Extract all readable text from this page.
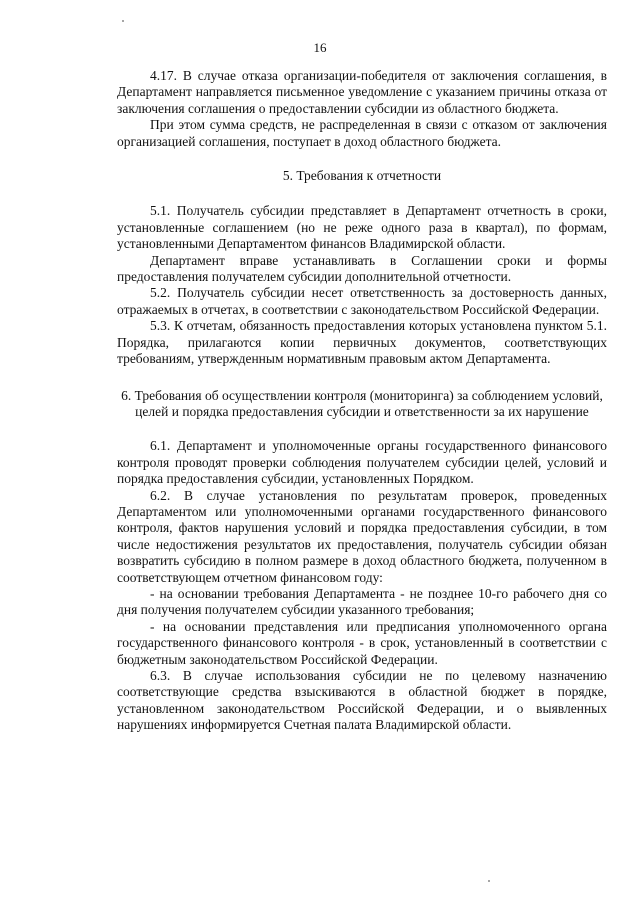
16

4.17. В случае отказа организации-победителя от заключения соглашения, в Департамент направляется письменное уведомление с указанием причины отказа от заключения соглашения о предоставлении субсидии из областного бюджета.

При этом сумма средств, не распределенная в связи с отказом от заключения организацией соглашения, поступает в доход областного бюджета.

5. Требования к отчетности

5.1. Получатель субсидии представляет в Департамент отчетность в сроки, установленные соглашением (но не реже одного раза в квартал), по формам, установленными Департаментом финансов Владимирской области.

Департамент вправе устанавливать в Соглашении сроки и формы предоставления получателем субсидии дополнительной отчетности.

5.2. Получатель субсидии несет ответственность за достоверность данных, отражаемых в отчетах, в соответствии с законодательством Российской Федерации.

5.3. К отчетам, обязанность предоставления которых установлена пунктом 5.1. Порядка, прилагаются копии первичных документов, соответствующих требованиям, утвержденным нормативным правовым актом Департамента.

6. Требования об осуществлении контроля (мониторинга) за соблюдением условий, целей и порядка предоставления субсидии и ответственности за их нарушение

6.1. Департамент и уполномоченные органы государственного финансового контроля проводят проверки соблюдения получателем субсидии целей, условий и порядка предоставления субсидии, установленных Порядком.

6.2. В случае установления по результатам проверок, проведенных Департаментом или уполномоченными органами государственного финансового контроля, фактов нарушения условий и порядка предоставления субсидии, в том числе недостижения результатов их предоставления, получатель субсидии обязан возвратить субсидию в полном размере в доход областного бюджета, полученном в соответствующем отчетном финансовом году:

- на основании требования Департамента - не позднее 10-го рабочего дня со дня получения получателем субсидии указанного требования;

- на основании представления или предписания уполномоченного органа государственного финансового контроля - в срок, установленный в соответствии с бюджетным законодательством Российской Федерации.

6.3. В случае использования субсидии не по целевому назначению соответствующие средства взыскиваются в областной бюджет в порядке, установленном законодательством Российской Федерации, и о выявленных нарушениях информируется Счетная палата Владимирской области.
